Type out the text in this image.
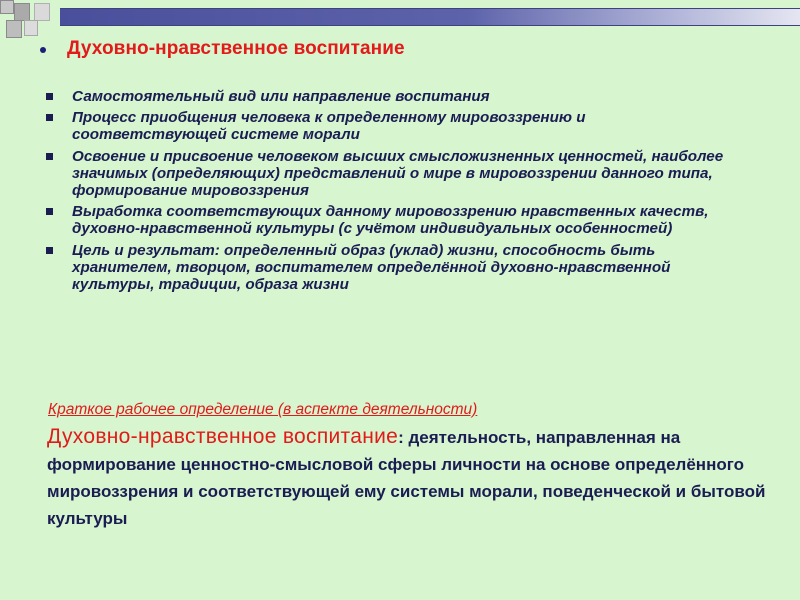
Духовно-нравственное воспитание
Самостоятельный вид или направление воспитания
Процесс приобщения человека к определенному мировоззрению и соответствующей системе морали
Освоение и присвоение человеком высших смысложизненных ценностей, наиболее значимых (определяющих) представлений о мире в мировоззрении данного типа, формирование мировоззрения
Выработка соответствующих данному мировоззрению нравственных качеств, духовно-нравственной культуры (с учётом индивидуальных особенностей)
Цель и результат: определенный образ (уклад) жизни, способность быть хранителем, творцом, воспитателем определённой духовно-нравственной культуры, традиции, образа жизни
Краткое рабочее определение (в аспекте деятельности)
Духовно-нравственное воспитание: деятельность, направленная на формирование ценностно-смысловой сферы личности на основе определённого мировоззрения и соответствующей ему системы морали, поведенческой и бытовой культуры
